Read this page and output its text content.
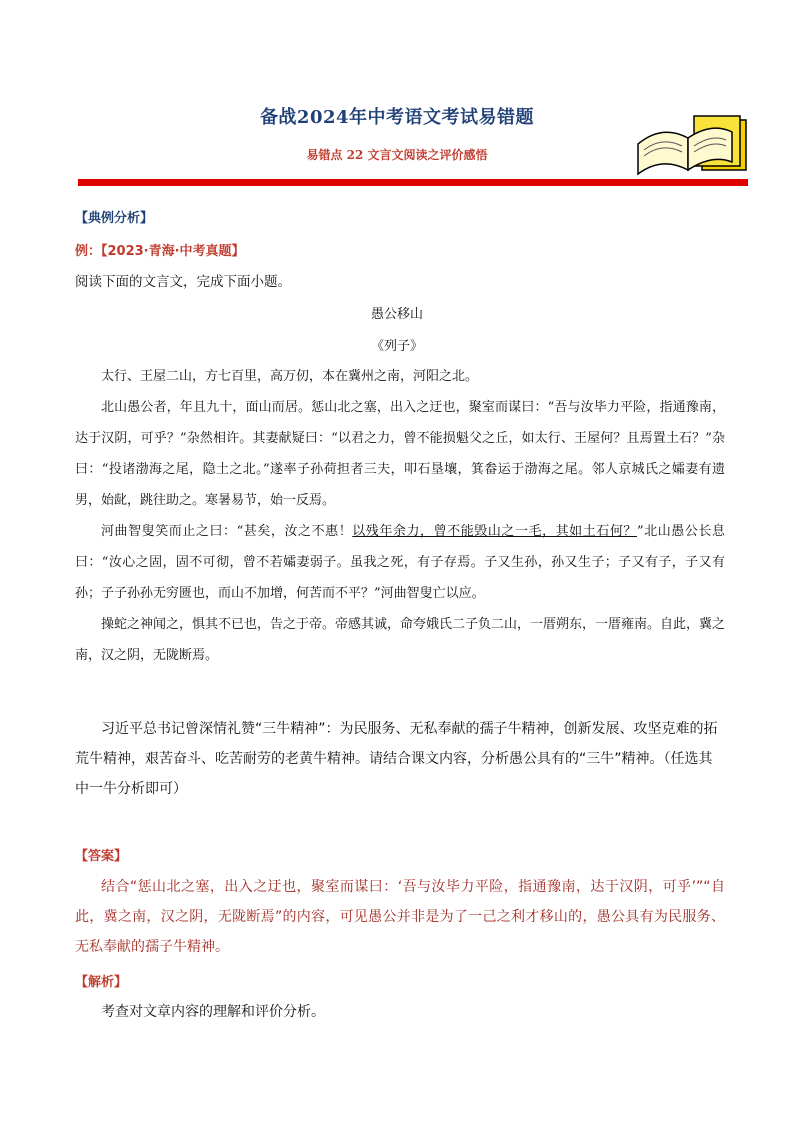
备战2024年中考语文考试易错题
易错点 22 文言文阅读之评价感悟
【典例分析】
例：【2023·青海·中考真题】
阅读下面的文言文，完成下面小题。
愚公移山
《列子》

太行、王屋二山，方七百里，高万仞，本在冀州之南，河阳之北。

北山愚公者，年且九十，面山而居。惩山北之塞，出入之迂也，聚室而谋曰：“吾与汝毕力平险，指通豫南，达于汉阴，可乎？”杂然相许。其妻献疑曰：“以君之力，曾不能损魁父之丘，如太行、王屋何？且焉置土石？”杂曰：“投诸渤海之尾，隐土之北。”遂率子孙荷担者三夫，叩石垦壤，箕畚运于渤海之尾。邻人京城氏之孀妻有遗男，始龀，跳往助之。寒暑易节，始一反焉。

河曲智叟笑而止之曰：“甚矣，汝之不惠！以残年余力，曾不能毁山之一毛，其如土石何？”北山愚公长息曰：“汝心之固，固不可彻，曾不若孀妻弱子。虽我之死，有子存焉。子又生孙，孙又生子；子又有子，子又有孙；子子孙孙无穷匮也，而山不加增，何苦而不平？”河曲智叟亡以应。

操蛇之神闻之，惧其不已也，告之于帝。帝感其诚，命夸娥氏二子负二山，一厝朔东，一厝雍南。自此，冀之南，汉之阴，无陇断焉。

习近平总书记曾深情礼赞“三牛精神”：为民服务、无私奉献的孺子牛精神，创新发展、攻坚克难的拓荒牛精神，艰苦奋斗、吃苦耐劳的老黄牛精神。请结合课文内容，分析愚公具有的“三牛”精神。（任选其中一牛分析即可）
【答案】
结合“惩山北之塞，出入之迂也，聚室而谋曰：‘吾与汝毕力平险，指通豫南，达于汉阴，可乎’”“自此，冀之南，汉之阴，无陇断焉”的内容，可见愚公并非是为了一己之利才移山的，愚公具有为民服务、无私奉献的孺子牛精神。
【解析】
考查对文章内容的理解和评价分析。
